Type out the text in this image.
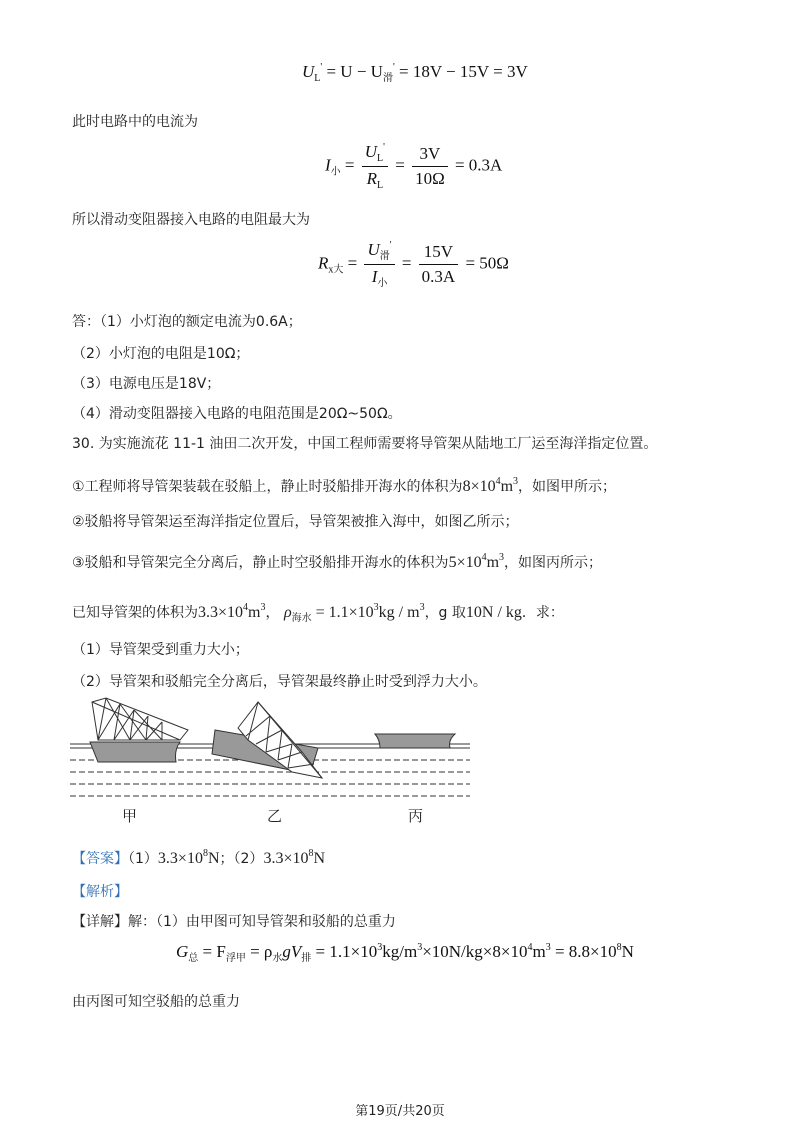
$U_L' = U - U_滑' = 18V - 15V = 3V$
此时电路中的电流为
$I_小 = \frac{U_L'}{R_L} = \frac{3V}{10\Omega} = 0.3A$
所以滑动变阻器接入电路的电阻最大为
$R_{x大} = \frac{U_滑'}{I_小} = \frac{15V}{0.3A} = 50\Omega$
答：（1）小灯泡的额定电流为0.6A；
（2）小灯泡的电阻是10Ω；
（3）电源电压是18V；
（4）滑动变阻器接入电路的电阻范围是20Ω~50Ω。
30. 为实施流花 11-1 油田二次开发，中国工程师需要将导管架从陆地工厂运至海洋指定位置。
①工程师将导管架装载在驳船上，静止时驳船排开海水的体积为$8\times 10^4m^3$，如图甲所示；
②驳船将导管架运至海洋指定位置后，导管架被推入海中，如图乙所示；
③驳船和导管架完全分离后，静止时空驳船排开海水的体积为$5\times 10^4m^3$，如图丙所示；
已知导管架的体积为$3.3\times 10^4m^3$， $\rho_{海水} = 1.1\times 10^3kg / m^3$，g 取10N / kg．求：
（1）导管架受到重力大小；
（2）导管架和驳船完全分离后，导管架最终静止时受到浮力大小。
甲	乙	丙
【答案】$(1)3.3\times 10^8N$；$(2)3.3\times 10^8N$
【解析】
【详解】解：（1）由甲图可知导管架和驳船的总重力
$G_总 = F_{浮甲} = \rho_水gV_排 = 1.1\times 10^3kg/m^3\times 10N/kg\times 8\times 10^4m^3 = 8.8\times 10^8N$
由丙图可知空驳船的总重力
第19页/共20页
